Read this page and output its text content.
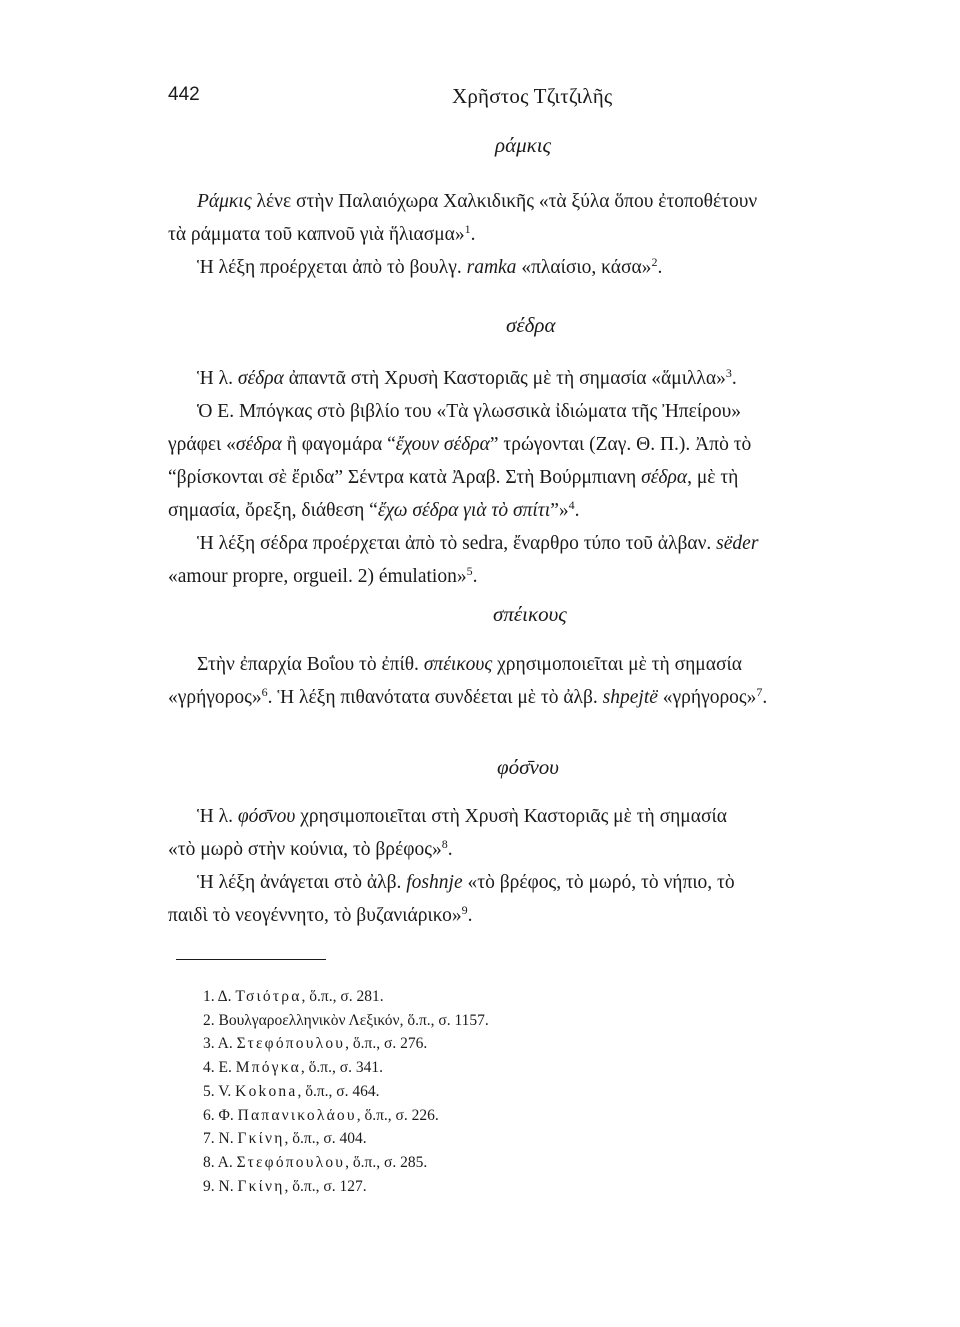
442	Χρῆστος Τζιτζιλῆς
ράμκις

Ράμκις λένε στὴν Παλαιόχωρα Χαλκιδικῆς «τὰ ξύλα ὅπου ἐτοποθέτουν
τὰ ράμματα τοῦ καπνοῦ γιὰ ἥλιασμα»$^1$.
Ἡ λέξη προέρχεται ἀπὸ τὸ βουλγ. ramka «πλαίσιο, κάσα»$^2$.

σέδρα

Ἡ λ. σέδρα ἀπαντᾶ στὴ Χρυσὴ Καστοριᾶς μὲ τὴ σημασία «ἅμιλλα»$^3$.
Ὁ Ε. Μπόγκας στὸ βιβλίο του «Τὰ γλωσσικὰ ἰδιώματα τῆς Ἠπείρου»
γράφει «σέδρα ἢ φαγομάρα “ἔχουν σέδρα” τρώγονται (Ζαγ. Θ. Π.). Ἀπὸ τὸ
“βρίσκονται σὲ ἔριδα” Σέντρα κατὰ Ἀραβ. Στὴ Βούρμπιανη σέδρα, μὲ τὴ
σημασία, ὄρεξη, διάθεση “ἔχω σέδρα γιὰ τὸ σπίτι”»$^4$.
Ἡ λέξη σέδρα προέρχεται ἀπὸ τὸ sedra, ἔναρθρο τύπο τοῦ ἀλβαν. sëder
«amour propre, orgueil. 2) émulation»$^5$.

σπέικους

Στὴν ἐπαρχία Βοΐου τὸ ἐπίθ. σπέικους χρησιμοποιεῖται μὲ τὴ σημασία
«γρήγορος»$^6$. Ἡ λέξη πιθανότατα συνδέεται μὲ τὸ ἀλβ. shpejtë «γρήγορος»$^7$.

φόσ̄νου

Ἡ λ. φόσ̄νου χρησιμοποιεῖται στὴ Χρυσὴ Καστοριᾶς μὲ τὴ σημασία
«τὸ μωρὸ στὴν κούνια, τὸ βρέφος»$^8$.
Ἡ λέξη ἀνάγεται στὸ ἀλβ. foshnje «τὸ βρέφος, τὸ μωρό, τὸ νήπιο, τὸ
παιδὶ τὸ νεογέννητο, τὸ βυζανιάρικο»$^9$.

1. Δ. Τσιότρα, ὅ.π., σ. 281.
2. Βουλγαροελληνικὸν Λεξικόν, ὅ.π., σ. 1157.
3. Α. Στεφόπουλου, ὅ.π., σ. 276.
4. Ε. Μπόγκα, ὅ.π., σ. 341.
5. V. Kokona, ὅ.π., σ. 464.
6. Φ. Παπανικολάου, ὅ.π., σ. 226.
7. Ν. Γκίνη, ὅ.π., σ. 404.
8. Α. Στεφόπουλου, ὅ.π., σ. 285.
9. Ν. Γκίνη, ὅ.π., σ. 127.
